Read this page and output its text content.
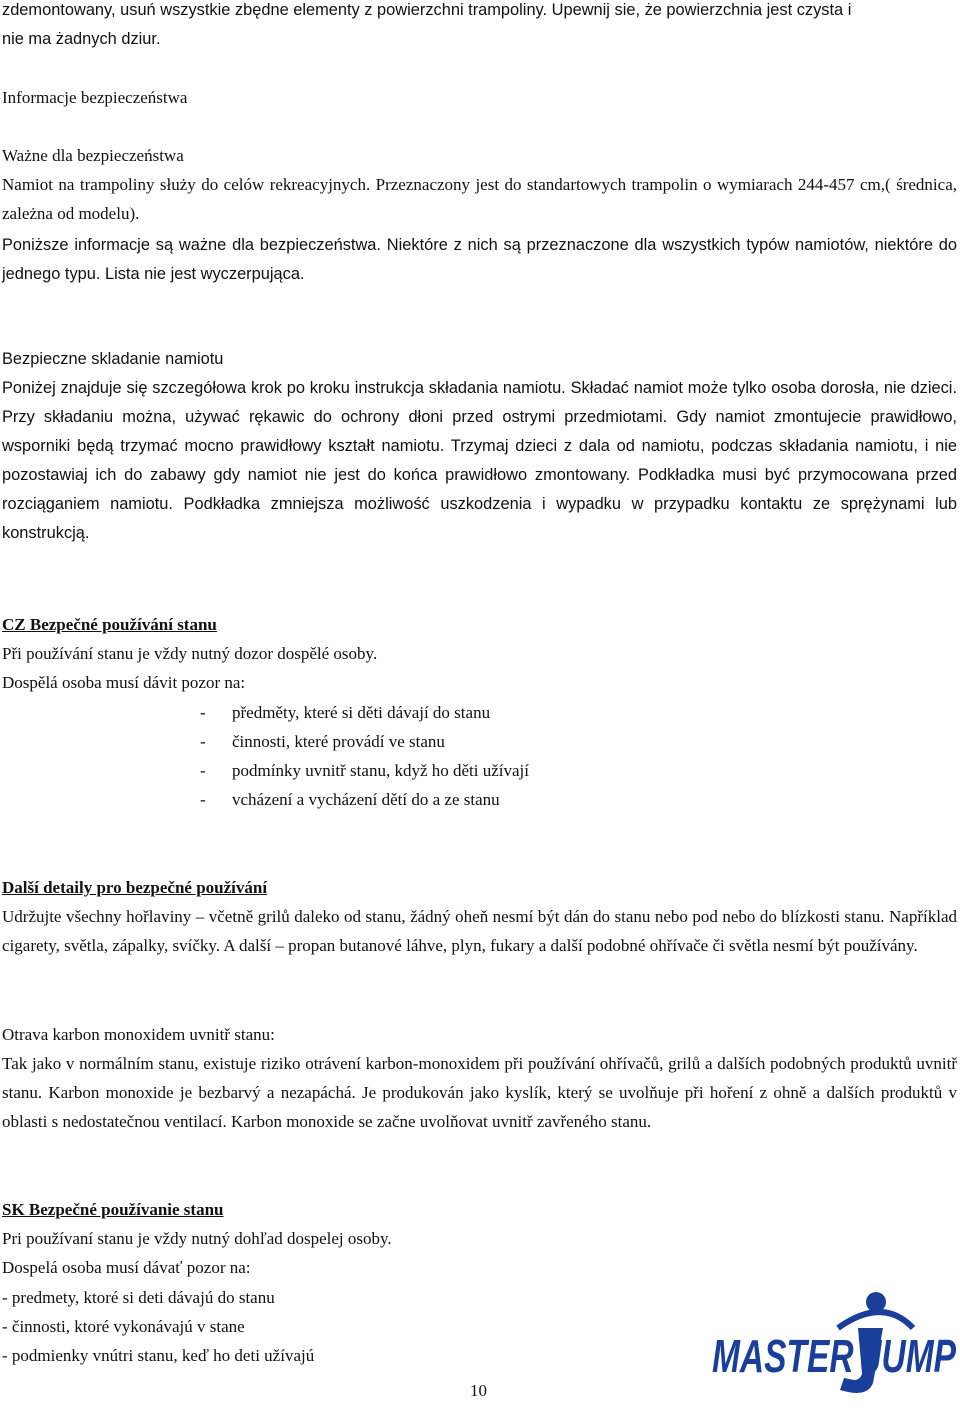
zdemontowany, usuń wszystkie zbędne elementy z powierzchni trampoliny. Upewnij sie, że powierzchnia jest czysta i
nie ma żadnych dziur.
Informacje bezpieczeństwa
Ważne dla bezpieczeństwa
Namiot na trampoliny służy do celów rekreacyjnych. Przeznaczony jest do standartowych trampolin o wymiarach 244-457 cm,( średnica, zależna od modelu).
Poniższe informacje są ważne dla bezpieczeństwa. Niektóre z nich są przeznaczone dla wszystkich typów namiotów, niektóre do jednego typu. Lista nie jest wyczerpująca.
Bezpieczne skladanie namiotu
Poniżej znajduje się szczegółowa krok po kroku instrukcja składania namiotu. Składać namiot może tylko osoba dorosła, nie dzieci. Przy składaniu można, używać rękawic do ochrony dłoni przed ostrymi przedmiotami. Gdy namiot zmontujecie prawidłowo, wsporniki będą trzymać mocno prawidłowy kształt namiotu. Trzymaj dzieci z dala od namiotu, podczas składania namiotu, i nie pozostawiaj ich do zabawy gdy namiot nie jest do końca prawidłowo zmontowany. Podkładka musi być przymocowana przed rozciąganiem namiotu. Podkładka zmniejsza możliwość uszkodzenia i wypadku w przypadku kontaktu ze sprężynami lub konstrukcją.
CZ Bezpečné používání stanu
Při používání stanu je vždy nutný dozor dospělé osoby.
Dospělá osoba musí dávit pozor na:
- předměty, které si děti dávají do stanu
- činnosti, které provádí ve stanu
- podmínky uvnitř stanu, když ho děti užívají
- vcházení a vycházení dětí do a ze stanu
Další detaily pro bezpečné používání
Udržujte všechny hořlaviny – včetně grilů daleko od stanu, žádný oheň nesmí být dán do stanu nebo pod nebo do blízkosti stanu. Například cigarety, světla, zápalky, svíčky. A další – propan butanové láhve, plyn, fukary a další podobné ohřívače či světla nesmí být používány.
Otrava karbon monoxidem uvnitř stanu:
Tak jako v normálním stanu, existuje riziko otrávení karbon-monoxidem při používání ohřívačů, grilů a dalších podobných produktů uvnitř stanu. Karbon monoxide je bezbarvý a nezapáchá. Je produkován jako kyslík, který se uvolňuje při hoření z ohně a dalších produktů v oblasti s nedostatečnou ventilací. Karbon monoxide se začne uvolňovat uvnitř zavřeného stanu.
SK Bezpečné používanie stanu
Pri používaní stanu je vždy nutný dohľad dospelej osoby.
Dospelá osoba musí dávať pozor na:
- predmety, ktoré si deti dávajú do stanu
- činnosti, ktoré vykonávajú v stane
- podmienky vnútri stanu, keď ho deti užívajú
10
MASTER JUMP
